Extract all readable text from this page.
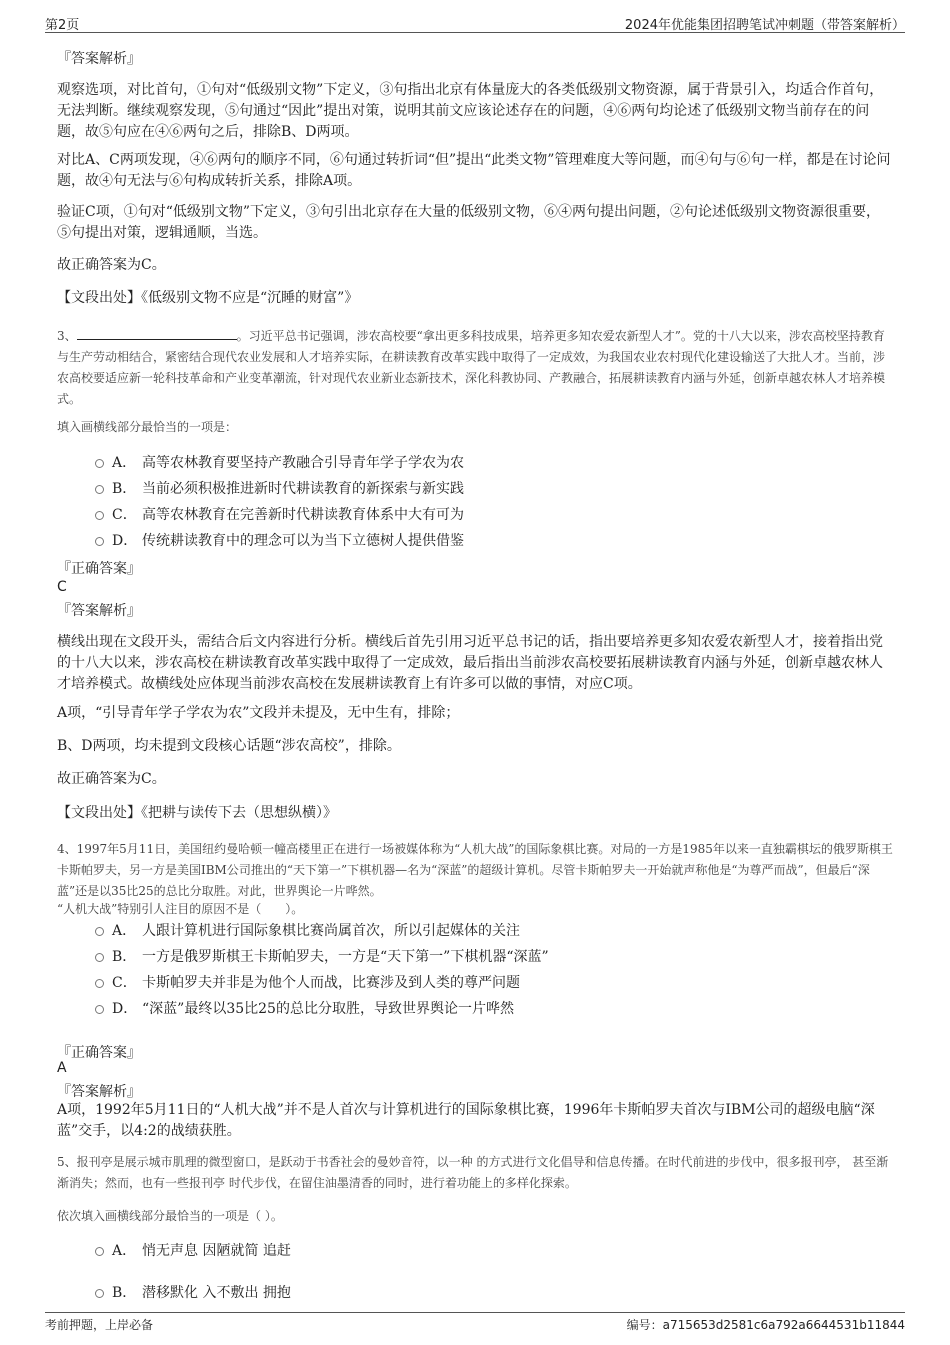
第2页	2024年优能集团招聘笔试冲刺题（带答案解析）
『答案解析』
观察选项，对比首句，①句对“低级别文物”下定义，③句指出北京有体量庞大的各类低级别文物资源，属于背景引入，均适合作首句，无法判断。继续观察发现，⑤句通过“因此”提出对策，说明其前文应该论述存在的问题，④⑥两句均论述了低级别文物当前存在的问题，故⑤句应在④⑥两句之后，排除B、D两项。
对比A、C两项发现，④⑥两句的顺序不同，⑥句通过转折词“但”提出“此类文物”管理难度大等问题，而④句与⑥句一样，都是在讨论问题，故④句无法与⑥句构成转折关系，排除A项。
验证C项，①句对“低级别文物”下定义，③句引出北京存在大量的低级别文物，⑥④两句提出问题，②句论述低级别文物资源很重要，⑤句提出对策，逻辑通顺，当选。
故正确答案为C。
【文段出处】《低级别文物不应是“沉睡的财富”》
3、	。习近平总书记强调，涉农高校要“拿出更多科技成果，培养更多知农爱农新型人才”。党的十八大以来，涉农高校坚持教育与生产劳动相结合，紧密结合现代农业发展和人才培养实际，在耕读教育改革实践中取得了一定成效，为我国农业农村现代化建设输送了大批人才。当前，涉农高校要适应新一轮科技革命和产业变革潮流，针对现代农业新业态新技术，深化科教协同、产教融合，拓展耕读教育内涵与外延，创新卓越农林人才培养模式。
填入画横线部分最恰当的一项是：
A． 高等农林教育要坚持产教融合引导青年学子学农为农
B． 当前必须积极推进新时代耕读教育的新探索与新实践
C． 高等农林教育在完善新时代耕读教育体系中大有可为
D． 传统耕读教育中的理念可以为当下立德树人提供借鉴
『正确答案』
C
『答案解析』
横线出现在文段开头，需结合后文内容进行分析。横线后首先引用习近平总书记的话，指出要培养更多知农爱农新型人才，接着指出党的十八大以来，涉农高校在耕读教育改革实践中取得了一定成效，最后指出当前涉农高校要拓展耕读教育内涵与外延，创新卓越农林人才培养模式。故横线处应体现当前涉农高校在发展耕读教育上有许多可以做的事情，对应C项。
A项，“引导青年学子学农为农”文段并未提及，无中生有，排除；
B、D两项，均未提到文段核心话题“涉农高校”，排除。
故正确答案为C。
【文段出处】《把耕与读传下去（思想纵横）》
4、1997年5月11日，美国纽约曼哈顿一幢高楼里正在进行一场被媒体称为“人机大战”的国际象棋比赛。对局的一方是1985年以来一直独霸棋坛的俄罗斯棋王卡斯帕罗夫，另一方是美国IBM公司推出的“天下第一”下棋机器—名为“深蓝”的超级计算机。尽管卡斯帕罗夫一开始就声称他是“为尊严而战”，但最后“深蓝”还是以35比25的总比分取胜。对此，世界舆论一片哗然。
“人机大战”特别引人注目的原因不是（　　）。
A． 人跟计算机进行国际象棋比赛尚属首次，所以引起媒体的关注
B． 一方是俄罗斯棋王卡斯帕罗夫，一方是“天下第一”下棋机器“深蓝”
C． 卡斯帕罗夫并非是为他个人而战，比赛涉及到人类的尊严问题
D． “深蓝”最终以35比25的总比分取胜，导致世界舆论一片哗然
『正确答案』
A
『答案解析』
A项，1992年5月11日的“人机大战”并不是人首次与计算机进行的国际象棋比赛，1996年卡斯帕罗夫首次与IBM公司的超级电脑“深蓝”交手，以4:2的战绩获胜。
5、报刊亭是展示城市肌理的微型窗口，是跃动于书香社会的曼妙音符，以一种 的方式进行文化倡导和信息传播。在时代前进的步伐中，很多报刊亭， 甚至渐渐消失；然而，也有一些报刊亭 时代步伐，在留住油墨清香的同时，进行着功能上的多样化探索。
依次填入画横线部分最恰当的一项是（ ）。
A． 悄无声息 因陋就简 追赶
B． 潜移默化 入不敷出 拥抱
考前押题，上岸必备	编号：a715653d2581c6a792a6644531b11844
